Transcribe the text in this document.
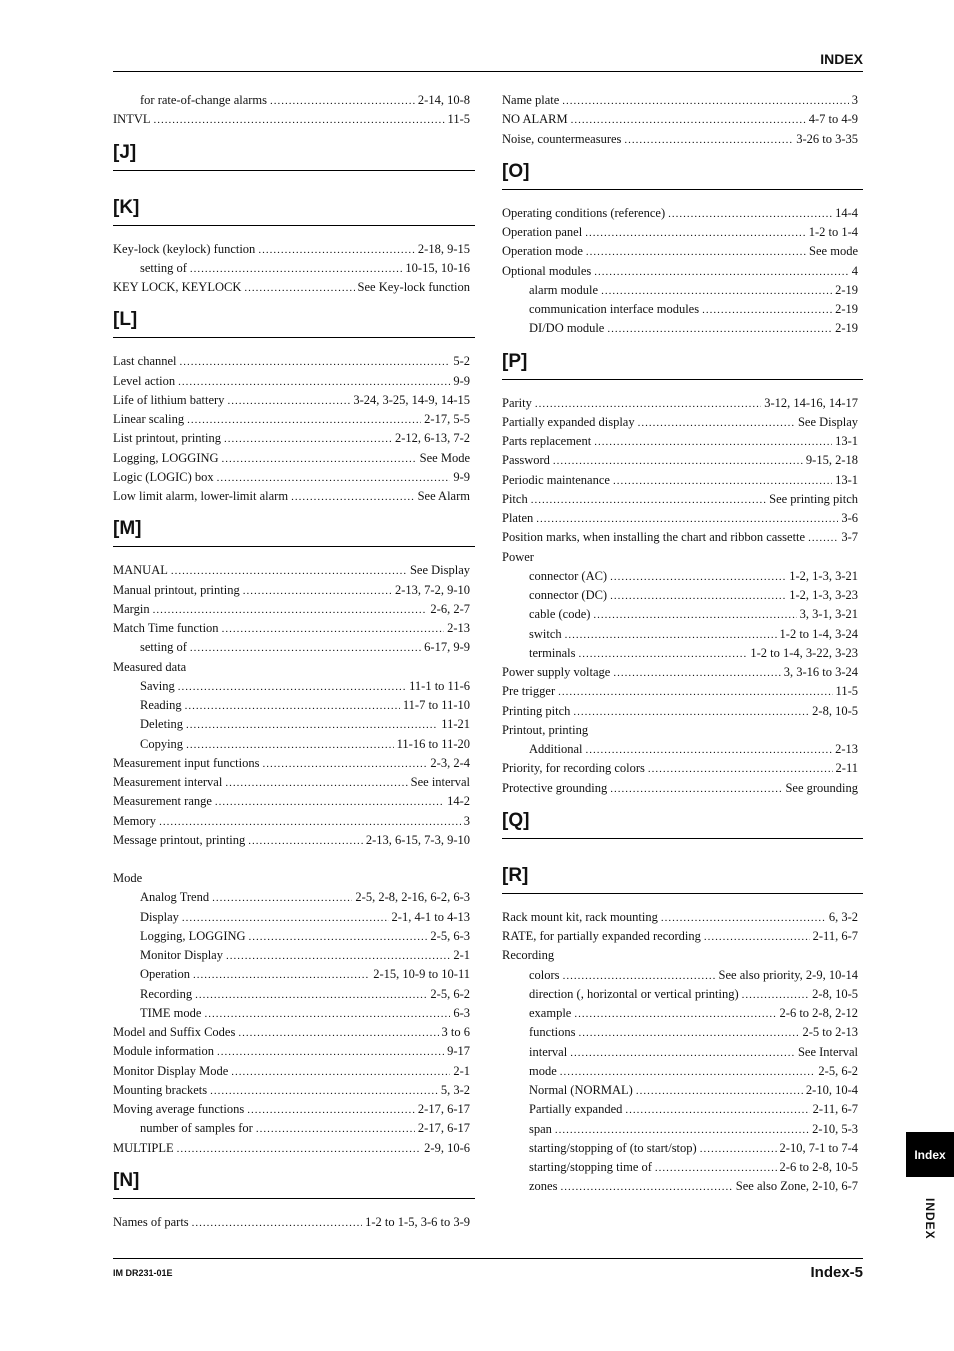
INDEX
for rate-of-change alarms .....	2-14, 10-8
INTVL .....	11-5
[J]
[K]
Key-lock (keylock) function .....	2-18, 9-15
setting of .....	10-15, 10-16
KEY LOCK, KEYLOCK .....	See Key-lock function
[L]
Last channel .....	5-2
Level action .....	9-9
Life of lithium battery .....	3-24, 3-25, 14-9, 14-15
Linear scaling .....	2-17, 5-5
List printout, printing .....	2-12, 6-13, 7-2
Logging, LOGGING .....	See Mode
Logic (LOGIC) box .....	9-9
Low limit alarm, lower-limit alarm .....	See Alarm
[M]
MANUAL .....	See Display
Manual printout, printing .....	2-13, 7-2, 9-10
Margin .....	2-6, 2-7
Match Time function .....	2-13
setting of .....	6-17, 9-9
Measured data
Saving .....	11-1 to 11-6
Reading .....	11-7 to 11-10
Deleting .....	11-21
Copying .....	11-16 to 11-20
Measurement input functions .....	2-3, 2-4
Measurement interval .....	See interval
Measurement range .....	14-2
Memory .....	3
Message printout, printing .....	2-13, 6-15, 7-3, 9-10
Mode
Analog Trend .....	2-5, 2-8, 2-16, 6-2, 6-3
Display .....	2-1, 4-1 to 4-13
Logging, LOGGING .....	2-5, 6-3
Monitor Display .....	2-1
Operation .....	2-15, 10-9 to 10-11
Recording .....	2-5, 6-2
TIME mode .....	6-3
Model and Suffix Codes .....	3 to 6
Module information .....	9-17
Monitor Display Mode .....	2-1
Mounting brackets .....	5, 3-2
Moving average functions .....	2-17, 6-17
number of samples for .....	2-17, 6-17
MULTIPLE .....	2-9, 10-6
[N]
Names of parts .....	1-2 to 1-5, 3-6 to 3-9
Name plate .....	3
NO ALARM .....	4-7 to 4-9
Noise, countermeasures .....	3-26 to 3-35
[O]
Operating conditions (reference) .....	14-4
Operation panel .....	1-2 to 1-4
Operation mode .....	See mode
Optional modules .....	4
alarm module .....	2-19
communication interface modules .....	2-19
DI/DO module .....	2-19
[P]
Parity .....	3-12, 14-16, 14-17
Partially expanded display .....	See Display
Parts replacement .....	13-1
Password .....	9-15, 2-18
Periodic maintenance .....	13-1
Pitch .....	See printing pitch
Platen .....	3-6
Position marks, when installing the chart and ribbon cassette .....	3-7
Power
connector (AC) .....	1-2, 1-3, 3-21
connector (DC) .....	1-2, 1-3, 3-23
cable (code) .....	3, 3-1, 3-21
switch .....	1-2 to 1-4, 3-24
terminals .....	1-2 to 1-4, 3-22, 3-23
Power supply voltage .....	3, 3-16 to 3-24
Pre trigger .....	11-5
Printing pitch .....	2-8, 10-5
Printout, printing
Additional .....	2-13
Priority, for recording colors .....	2-11
Protective grounding .....	See grounding
[Q]
[R]
Rack mount kit, rack mounting .....	6, 3-2
RATE, for partially expanded recording .....	2-11, 6-7
Recording
colors .....	See also priority, 2-9, 10-14
direction (, horizontal or vertical printing) .....	2-8, 10-5
example .....	2-6 to 2-8, 2-12
functions .....	2-5 to 2-13
interval .....	See Interval
mode .....	2-5, 6-2
Normal (NORMAL) .....	2-10, 10-4
Partially expanded .....	2-11, 6-7
span .....	2-10, 5-3
starting/stopping of (to start/stop) .....	2-10, 7-1 to 7-4
starting/stopping time of .....	2-6 to 2-8, 10-5
zones .....	See also Zone, 2-10, 6-7
Index
INDEX
IM DR231-01E	Index-5
